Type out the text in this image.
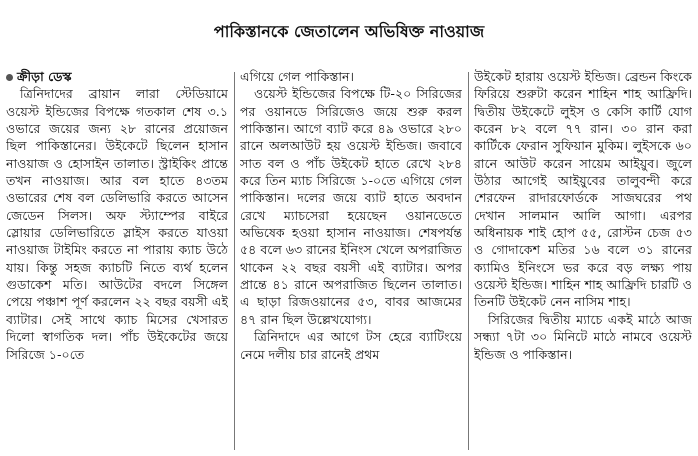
পাকিস্তানকে জেতালেন অভিষিক্ত নাওয়াজ
ক্রীড়া ডেস্ক

ত্রিনিদাদের ব্রায়ান লারা স্টেডিয়ামে ওয়েস্ট ইন্ডিজের বিপক্ষে গতকাল শেষ ৩.১ ওভারে জয়ের জন্য ২৮ রানের প্রয়োজন ছিল পাকিস্তানের। উইকেটে ছিলেন হাসান নাওয়াজ ও হোসাইন তালাত। স্ট্রাইকিং প্রান্তে তখন নাওয়াজ। আর বল হাতে ৪৩তম ওভারের শেষ বল ডেলিভারি করতে আসেন জেডেন সিলস। অফ স্ট্যাম্পের বাইরে স্লোয়ার ডেলিভারিতে স্লাইস করতে যাওয়া নাওয়াজ টাইমিং করতে না পারায় ক্যাচ উঠে যায়। কিন্তু সহজ ক্যাচটি নিতে ব্যর্থ হলেন গুডাকেশ মতি। আউটের বদলে সিঙ্গেল পেয়ে পঞ্চাশ পূর্ণ করলেন ২২ বছর বয়সী এই ব্যাটার। সেই সাথে ক্যাচ মিসের খেসারত দিলো স্বাগতিক দল। পাঁচ উইকেটের জয়ে সিরিজে ১-০তে

এগিয়ে গেল পাকিস্তান।

ওয়েস্ট ইন্ডিজের বিপক্ষে টি-২০ সিরিজের পর ওয়ানডে সিরিজেও জয়ে শুরু করল পাকিস্তান। আগে ব্যাট করে ৪৯ ওভারে ২৮০ রানে অলআউট হয় ওয়েস্ট ইন্ডিজ। জবাবে সাত বল ও পাঁচ উইকেট হাতে রেখে ২৮৪ করে তিন ম্যাচ সিরিজে ১-০তে এগিয়ে গেল পাকিস্তান। দলের জয়ে ব্যাট হাতে অবদান রেখে ম্যাচসেরা হয়েছেন ওয়ানডেতে অভিষেক হওয়া হাসান নাওয়াজ। শেষপর্যন্ত ৫৪ বলে ৬৩ রানের ইনিংস খেলে অপরাজিত থাকেন ২২ বছর বয়সী এই ব্যাটার। অপর প্রান্তে ৪১ রানে অপরাজিত ছিলেন তালাত। এ ছাড়া রিজওয়ানের ৫৩, বাবর আজমের ৪৭ রান ছিল উল্লেখযোগ্য।

ত্রিনিদাদে এর আগে টস হেরে ব্যাটিংয়ে নেমে দলীয় চার রানেই প্রথম

উইকেট হারায় ওয়েস্ট ইন্ডিজ। ব্রেন্ডন কিংকে ফিরিয়ে শুরুটা করেন শাহিন শাহ আফ্রিদি। দ্বিতীয় উইকেটে লুইস ও কেসি কার্টি যোগ করেন ৮২ বলে ৭৭ রান। ৩০ রান করা কার্টিকে ফেরান সুফিয়ান মুকিম। লুইসকে ৬০ রানে আউট করেন সায়েম আইয়ুব। জুলে উঠার আগেই আইয়ুবের তালুবন্দী করে শেরফেন রাদারফোর্ডকে সাজঘরের পথ দেখান সালমান আলি আগা। এরপর অধিনায়ক শাই হোপ ৫৫, রোস্টন চেজ ৫৩ ও গোদাকেশ মতির ১৬ বলে ৩১ রানের ক্যামিও ইনিংসে ভর করে বড় লক্ষ্য পায় ওয়েস্ট ইন্ডিজ। শাহিন শাহ আফ্রিদি চারটি ও তিনটি উইকেট নেন নাসিম শাহ।

সিরিজের দ্বিতীয় ম্যাচে একই মাঠে আজ সন্ধ্যা ৭টা ৩০ মিনিটে মাঠে নামবে ওয়েস্ট ইন্ডিজ ও পাকিস্তান।
